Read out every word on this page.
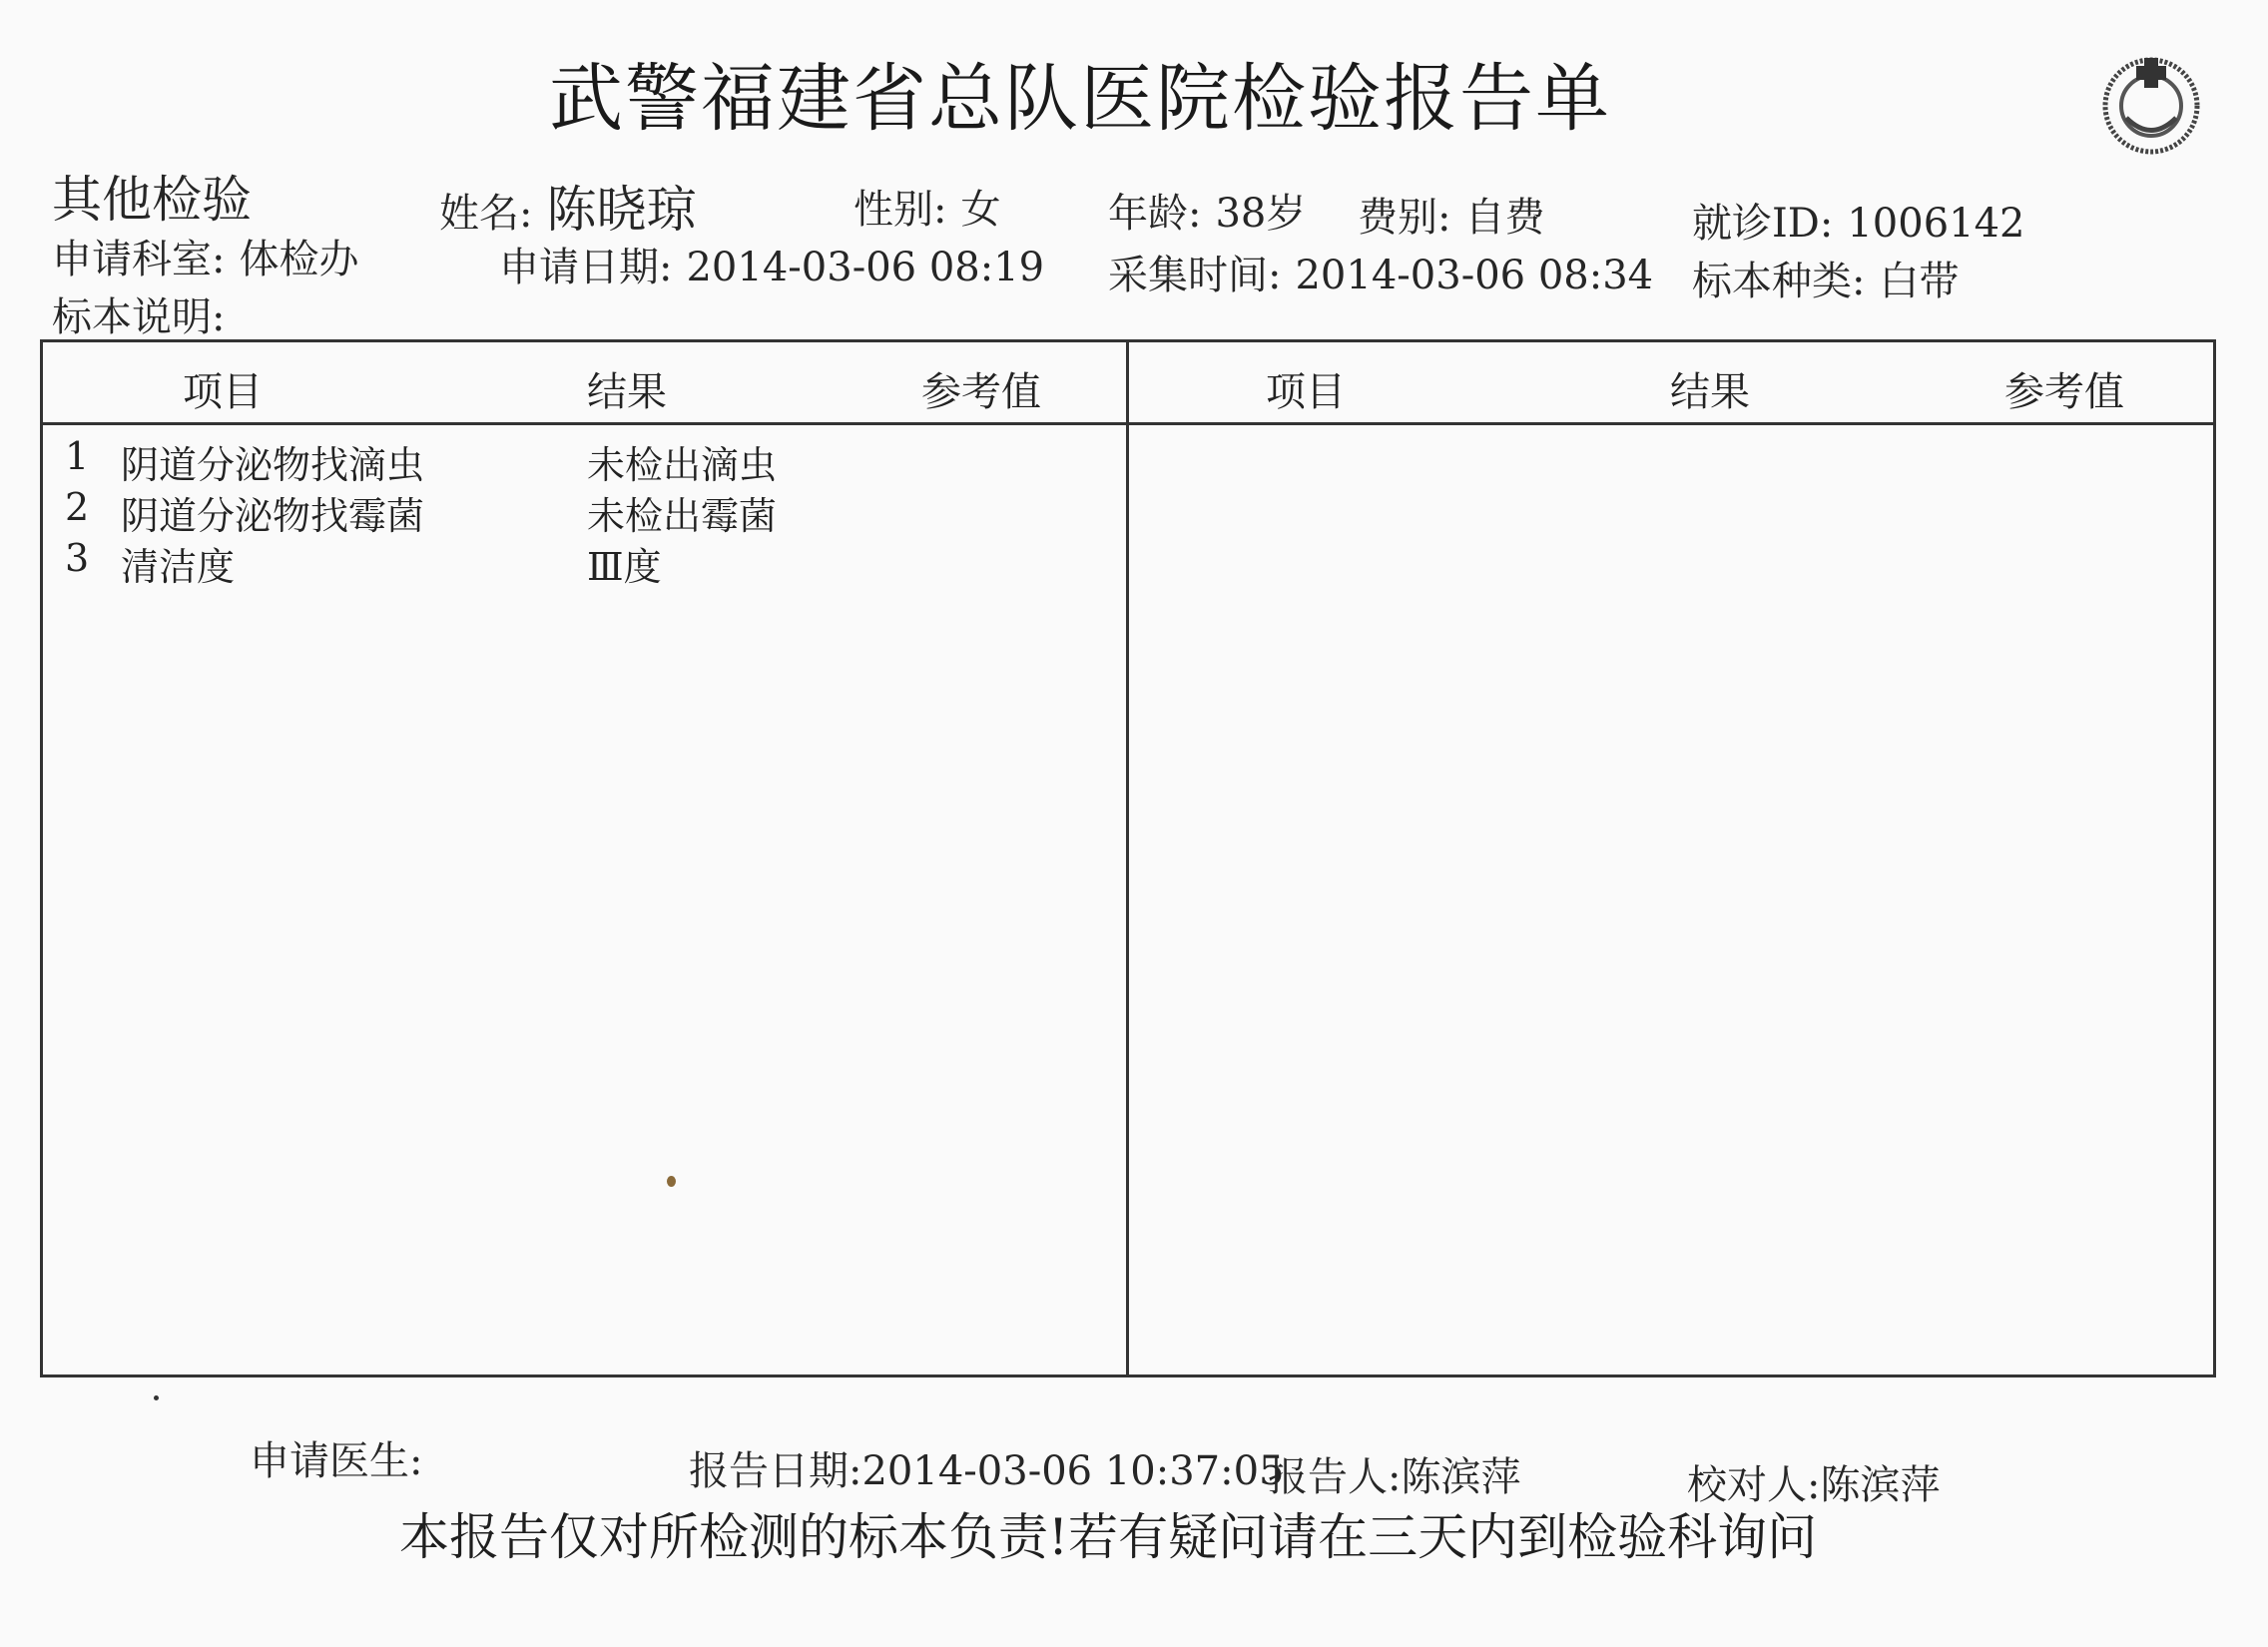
武警福建省总队医院检验报告单
其他检验	姓名: 陈晓琼	性别: 女	年龄: 38岁 费别: 自费	就诊ID: 1006142
申请科室: 体检办	申请日期: 2014-03-06 08:19 采集时间: 2014-03-06 08:34 标本种类: 白带
标本说明:
项目	结果	参考值	项目	结果	参考值
1 阴道分泌物找滴虫	未检出滴虫
2 阴道分泌物找霉菌	未检出霉菌
3 清洁度	Ⅲ度
申请医生:	报告日期:2014-03-06 10:37:05
报告人:陈滨萍	校对人:陈滨萍
本报告仅对所检测的标本负责!若有疑问请在三天内到检验科询问
